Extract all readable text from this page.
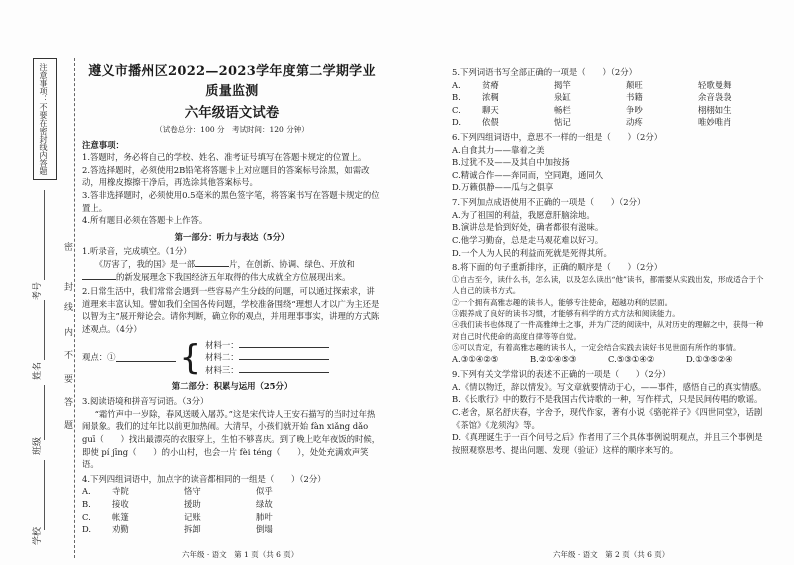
注意事项：不要在密封线内答题
考号
姓名
班级
学校
密
封
线
内
不
要
答
题
遵义市播州区2022—2023学年度第二学期学业质量监测
六年级语文试卷
（试卷总分：100 分　考试时间：120 分钟）

注意事项：

1.答题时，务必将自己的学校、姓名、准考证号填写在答题卡规定的位置上。

2.答选择题时，必须使用2B铅笔将答题卡上对应题目的答案标号涂黑，如需改动，用橡皮擦擦干净后，再选涂其他答案标号。

3.答非选择题时，必须使用0.5毫米的黑色签字笔，将答案书写在答题卡规定的位置上。

4.所有题目必须在答题卡上作答。

第一部分：听力与表达（5分）

1.听录音，完成填空。（1分）

《厉害了，我的国》是一部	片，在创新、协调、绿色、开放和的新发展理念下我国经济五年取得的伟大成就全方位展现出来。

2.日常生活中，我们常常会遇到一些容易产生分歧的问题，可以通过探索求，讲道理来丰富认知。譬如我们全国各传问题，学校准备围绕“理想人才以广为主还是以智为主”展开辩论会。请你判断，确立你的观点，并用理事事实，讲理的方式陈述观点。（4分）

观点：① { 材料一：
材料二：
材料三：
第二部分：积累与运用（25分）

3.阅读语境和拼音写词语。（3分）

“霜竹声中一岁除，春风送暖入屠苏。”这是宋代诗人王安石描写的当时过年热闹景象。我们的过年比以前更加热闹。大清早，小孩们就开始 fàn xiǎng dǎo guī（　　）找出最漂亮的衣服穿上，生怕不够喜庆。到了晚上吃年夜饭的时候，即使 pí jīng（　　）的小山村，也会一片 fèi téng（　　），处处充满欢声笑语。

4.下列四组词语中，加点字的读音都相同的一组是（　　）（2分）

A.	寺院	恪守	似乎
B.	接收	援助	绿故
C.	帐篷	记账	肺叶
D.	劝勤	拆卸	倒塌

5.下列词语书写全部正确的一项是（　　）（2分）

A.	贫瘠	揭竿	颠旺	轻歌曼舞
B.	浓稠	泉缸	书籍	余音袅袅
C.	聊天	畅栏	争吵	栩栩如生
D.	依偎	惦记	动疼	唯妙唯肖

6.下列四组词语中，意思不一样的一组是（　　）（2分）

A.自食其力——靠着之美

B.过犹不及——及其自中加按扬

C.精诚合作——奔同而，空同跑，通同久

D.万籁俱静——瓜与之俱享

7.下列加点成语使用不正确的一项是（　　）（2分）

A.为了祖国的利益，我愿意肝脑涂地。

B.演讲总是恰到好处，确者都很有滋味。

C.他学习勤奋，总是走马观花难以好习。

D.一个人为人民的利益而死就是死得其所。

8.将下面的句子重新排序，正确的顺序是（　　）（2分）

①自古至今，读什么书，怎么读，以及怎么读出“他”读书，都需要从实践出发，形成适合于个人自己的读书方式。

②一个拥有高雅志趣的读书人，能够专注使命，超越功利的层面。

③跟养成了良好的读书习惯，才能够有科学的方式方法和阅读能力。

④我们读书也体现了一件高雅绅士之事，并为广泛的阅读中，从对历史的理解之中，获得一种对自己时代使命的高度自律等等自觉。

⑤可以肯定，有着高雅志趣的读书人，一定会结合实践去读好书见世面有所作的事情。

A.③①④②⑤	B.②①④⑤③	C.⑤③①④②	D.①③⑤②④

9.下列有关文学常识的表述不正确的一项是（　　）（2分）

A.《情以物迁，辞以情发》。写文章就要情动于心，——事件，感悟自己的真实情感。

B.《长歌行》中的数行不是我国古代诗歌的一种，写作样式，只是民间传唱的歌谣。

C.老舍，原名舒庆春，字舍予，现代作家，著有小说《骆驼祥子》《四世同堂》，话剧《茶馆》《龙须沟》等。

D.《真理诞生于一百个问号之后》作者用了三个具体事例说明观点，并且三个事例是按照观察思考、提出问题、发现（验证）这样的顺序来写的。

六年级 · 语文　第 1 页（共 6 页）	六年级 · 语文　第 2 页（共 6 页）
